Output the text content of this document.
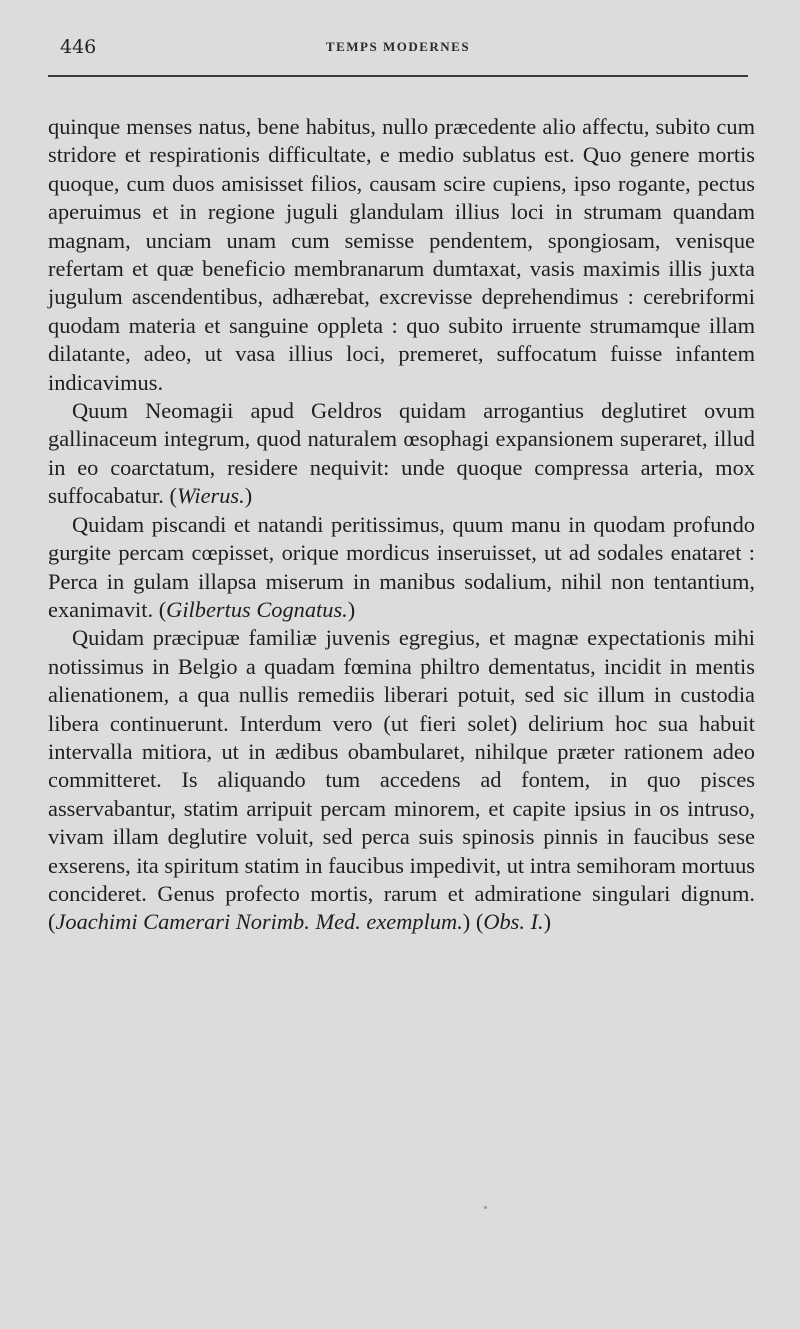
446	TEMPS MODERNES

quinque menses natus, bene habitus, nullo præcedente alio affectu, subito cum stridore et respirationis difficultate, e medio sublatus est. Quo genere mortis quoque, cum duos amisisset filios, causam scire cupiens, ipso rogante, pectus aperuimus et in regione juguli glandulam illius loci in strumam quandam magnam, unciam unam cum semisse pendentem, spongiosam, venisque refertam et quæ beneficio membranarum dumtaxat, vasis maximis illis juxta jugulum ascendentibus, adhærebat, excrevisse deprehendimus : cerebriformi quodam materia et sanguine oppleta : quo subito irruente strumamque illam dilatante, adeo, ut vasa illius loci, premeret, suffocatum fuisse infantem indicavimus.

Quum Neomagii apud Geldros quidam arrogantius deglutiret ovum gallinaceum integrum, quod naturalem œsophagi expansionem superaret, illud in eo coarctatum, residere nequivit: unde quoque compressa arteria, mox suffocabatur. (Wierus.)

Quidam piscandi et natandi peritissimus, quum manu in quodam profundo gurgite percam cœpisset, orique mordicus inseruisset, ut ad sodales enataret : Perca in gulam illapsa miserum in manibus sodalium, nihil non tentantium, exanimavit. (Gilbertus Cognatus.)

Quidam præcipuæ familiæ juvenis egregius, et magnæ expectationis mihi notissimus in Belgio a quadam fœmina philtro dementatus, incidit in mentis alienationem, a qua nullis remediis liberari potuit, sed sic illum in custodia libera continuerunt. Interdum vero (ut fieri solet) delirium hoc sua habuit intervalla mitiora, ut in ædibus obambularet, nihilque præter rationem adeo committeret. Is aliquando tum accedens ad fontem, in quo pisces asservabantur, statim arripuit percam minorem, et capite ipsius in os intruso, vivam illam deglutire voluit, sed perca suis spinosis pinnis in faucibus sese exserens, ita spiritum statim in faucibus impedivit, ut intra semihoram mortuus concideret. Genus profecto mortis, rarum et admiratione singulari dignum. (Joachimi Camerari Norimb. Med. exemplum.) (Obs. I.)
